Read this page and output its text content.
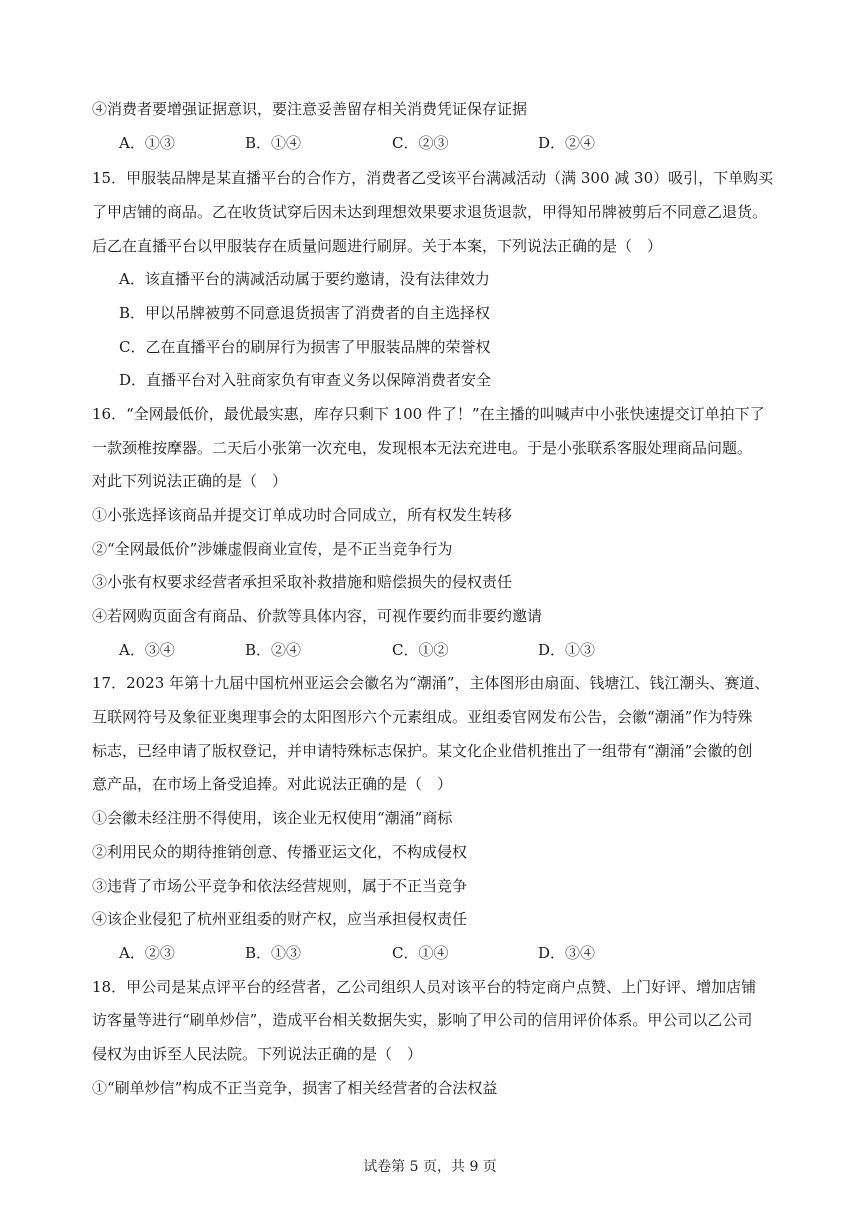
④消费者要增强证据意识，要注意妥善留存相关消费凭证保存证据
A．①③	B．①④	C．②③	D．②④
15．甲服装品牌是某直播平台的合作方，消费者乙受该平台满减活动（满 300 减 30）吸引，下单购买
了甲店铺的商品。乙在收货试穿后因未达到理想效果要求退货退款，甲得知吊牌被剪后不同意乙退货。
后乙在直播平台以甲服装存在质量问题进行刷屏。关于本案，下列说法正确的是（　）
A．该直播平台的满减活动属于要约邀请，没有法律效力
B．甲以吊牌被剪不同意退货损害了消费者的自主选择权
C．乙在直播平台的刷屏行为损害了甲服装品牌的荣誉权
D．直播平台对入驻商家负有审查义务以保障消费者安全
16．“全网最低价，最优最实惠，库存只剩下 100 件了！”在主播的叫喊声中小张快速提交订单拍下了
一款颈椎按摩器。二天后小张第一次充电，发现根本无法充进电。于是小张联系客服处理商品问题。
对此下列说法正确的是（　）
①小张选择该商品并提交订单成功时合同成立，所有权发生转移
②“全网最低价”涉嫌虚假商业宣传，是不正当竞争行为
③小张有权要求经营者承担采取补救措施和赔偿损失的侵权责任
④若网购页面含有商品、价款等具体内容，可视作要约而非要约邀请
A．③④	B．②④	C．①②	D．①③
17．2023 年第十九届中国杭州亚运会会徽名为“潮涌”，主体图形由扇面、钱塘江、钱江潮头、赛道、
互联网符号及象征亚奥理事会的太阳图形六个元素组成。亚组委官网发布公告，会徽“潮涌”作为特殊
标志，已经申请了版权登记，并申请特殊标志保护。某文化企业借机推出了一组带有“潮涌”会徽的创
意产品，在市场上备受追捧。对此说法正确的是（　）
①会徽未经注册不得使用，该企业无权使用“潮涌”商标
②利用民众的期待推销创意、传播亚运文化，不构成侵权
③违背了市场公平竞争和依法经营规则，属于不正当竞争
④该企业侵犯了杭州亚组委的财产权，应当承担侵权责任
A．②③	B．①③	C．①④	D．③④
18．甲公司是某点评平台的经营者，乙公司组织人员对该平台的特定商户点赞、上门好评、增加店铺
访客量等进行“刷单炒信”，造成平台相关数据失实，影响了甲公司的信用评价体系。甲公司以乙公司
侵权为由诉至人民法院。下列说法正确的是（　）
①“刷单炒信”构成不正当竞争，损害了相关经营者的合法权益
试卷第 5 页，共 9 页
